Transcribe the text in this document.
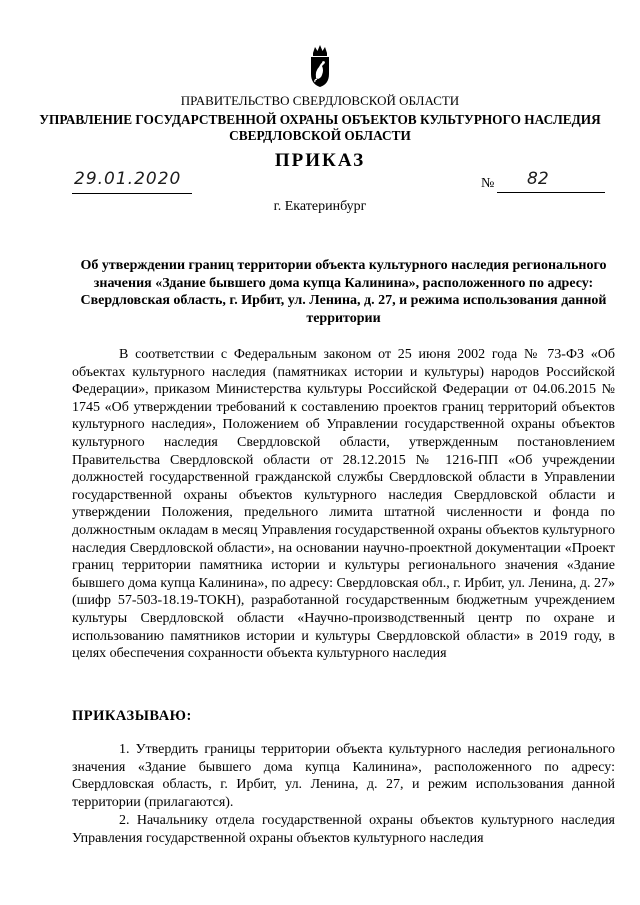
ПРАВИТЕЛЬСТВО СВЕРДЛОВСКОЙ ОБЛАСТИ
УПРАВЛЕНИЕ ГОСУДАРСТВЕННОЙ ОХРАНЫ ОБЪЕКТОВ КУЛЬТУРНОГО НАСЛЕДИЯ
СВЕРДЛОВСКОЙ ОБЛАСТИ
ПРИКАЗ
29.01.2020	№ 82
г. Екатеринбург
Об утверждении границ территории объекта культурного наследия регионального значения «Здание бывшего дома купца Калинина», расположенного по адресу: Свердловская область, г. Ирбит, ул. Ленина, д. 27, и режима использования данной территории
В соответствии с Федеральным законом от 25 июня 2002 года № 73-ФЗ «Об объектах культурного наследия (памятниках истории и культуры) народов Российской Федерации», приказом Министерства культуры Российской Федерации от 04.06.2015 № 1745 «Об утверждении требований к составлению проектов границ территорий объектов культурного наследия», Положением об Управлении государственной охраны объектов культурного наследия Свердловской области, утвержденным постановлением Правительства Свердловской области от 28.12.2015 № 1216-ПП «Об учреждении должностей государственной гражданской службы Свердловской области в Управлении государственной охраны объектов культурного наследия Свердловской области и утверждении Положения, предельного лимита штатной численности и фонда по должностным окладам в месяц Управления государственной охраны объектов культурного наследия Свердловской области», на основании научно-проектной документации «Проект границ территории памятника истории и культуры регионального значения «Здание бывшего дома купца Калинина», по адресу: Свердловская обл., г. Ирбит, ул. Ленина, д. 27» (шифр 57-503-18.19-ТОКН), разработанной государственным бюджетным учреждением культуры Свердловской области «Научно-производственный центр по охране и использованию памятников истории и культуры Свердловской области» в 2019 году, в целях обеспечения сохранности объекта культурного наследия
ПРИКАЗЫВАЮ:
1. Утвердить границы территории объекта культурного наследия регионального значения «Здание бывшего дома купца Калинина», расположенного по адресу: Свердловская область, г. Ирбит, ул. Ленина, д. 27, и режим использования данной территории (прилагаются).
2. Начальнику отдела государственной охраны объектов культурного наследия Управления государственной охраны объектов культурного наследия
